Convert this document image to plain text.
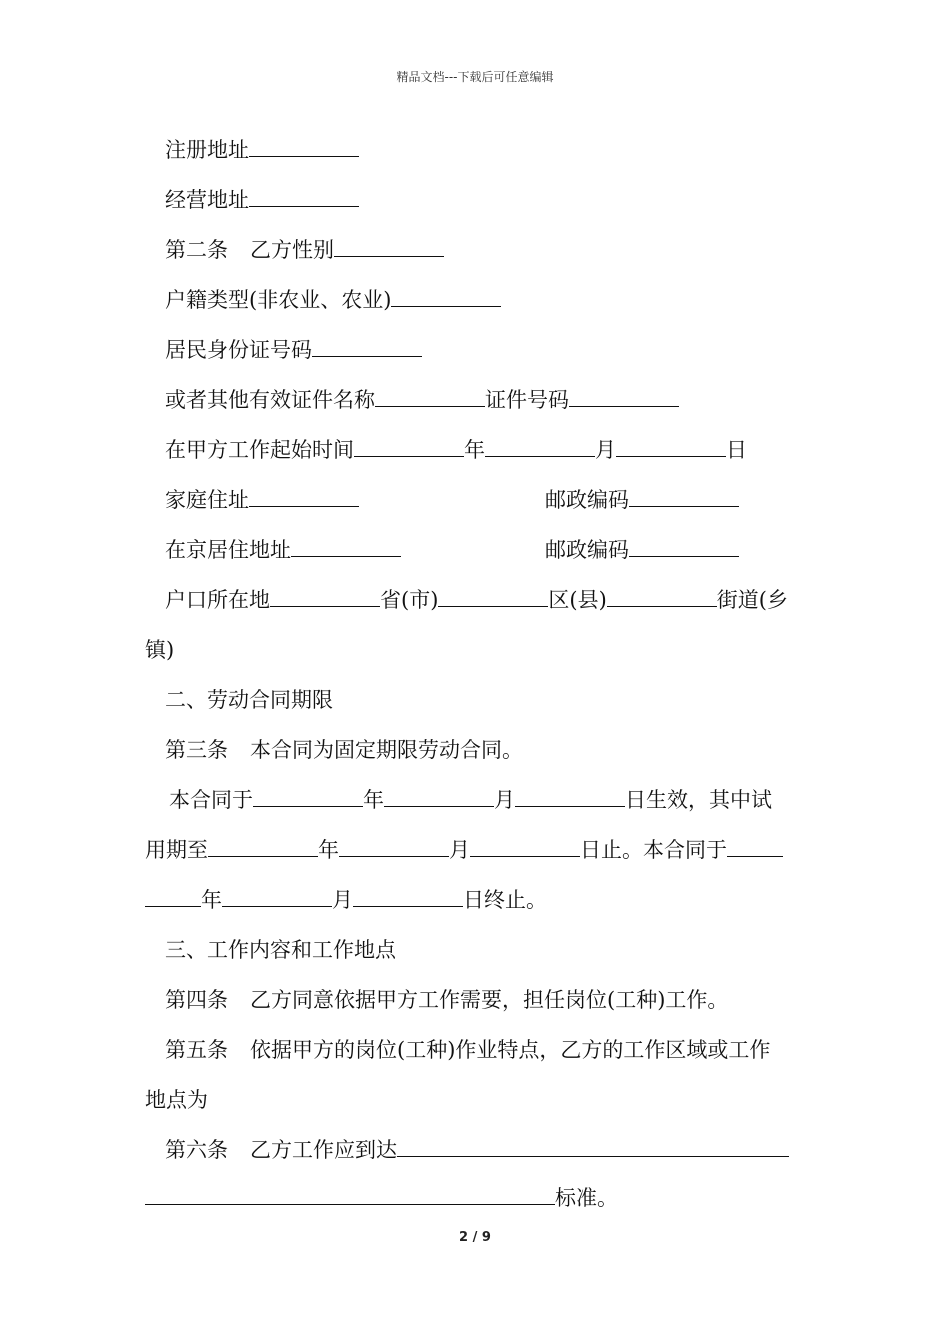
精品文档---下载后可任意编辑
注册地址
经营地址
第二条 乙方性别
户籍类型(非农业、农业)
居民身份证号码
或者其他有效证件名称	证件号码
在甲方工作起始时间	年	月	日
家庭住址	邮政编码
在京居住地址	邮政编码
户口所在地	省(市)	区(县)	街道(乡
镇)
二、劳动合同期限
第三条 本合同为固定期限劳动合同。
本合同于	年	月	日生效，其中试
用期至	年	月	日止。本合同于
年	月	日终止。
三、工作内容和工作地点
第四条 乙方同意依据甲方工作需要，担任岗位(工种)工作。
第五条 依据甲方的岗位(工种)作业特点，乙方的工作区域或工作
地点为
第六条 乙方工作应到达
标准。
2 / 9
